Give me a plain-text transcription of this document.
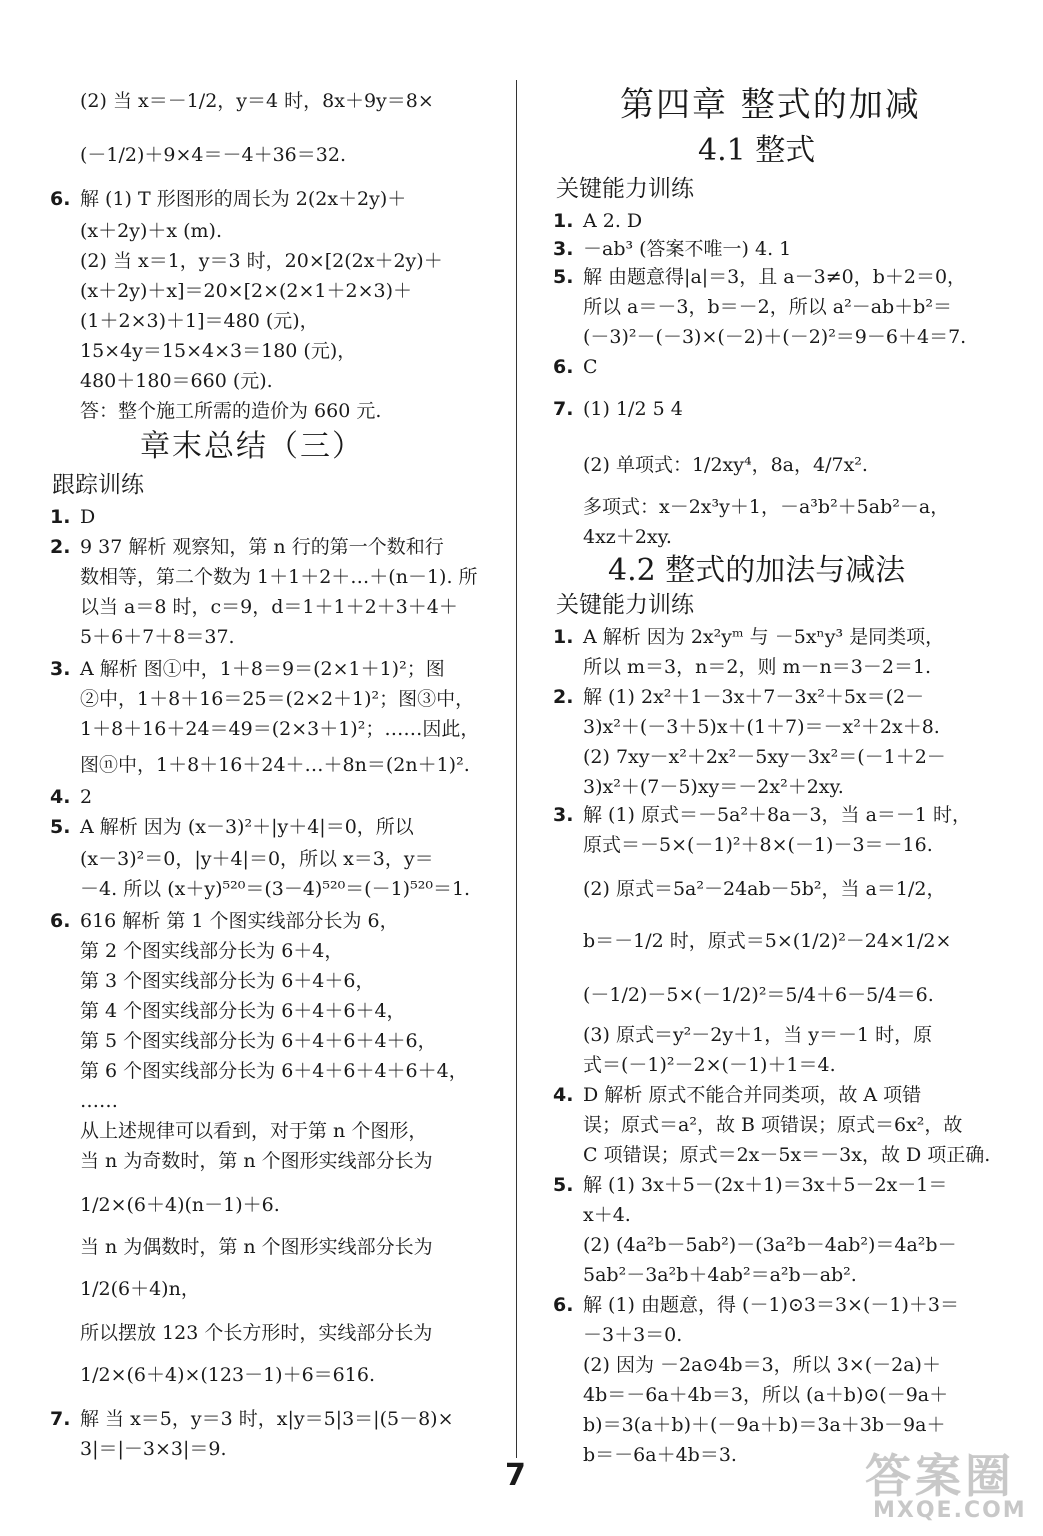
(2) 当 x＝－1/2，y＝4 时，8x＋9y＝8×
(－1/2)＋9×4＝－4＋36＝32.
6. 解 (1) T 形图形的周长为 2(2x＋2y)＋
(x＋2y)＋x (m).
(2) 当 x＝1，y＝3 时，20×[2(2x＋2y)＋
(x＋2y)＋x]＝20×[2×(2×1＋2×3)＋
(1＋2×3)＋1]＝480 (元)，
15×4y＝15×4×3＝180 (元)，
480＋180＝660 (元).
答：整个施工所需的造价为 660 元.
章末总结（三）
跟踪训练
1. D
2. 9 37 解析 观察知，第 n 行的第一个数和行
数相等，第二个数为 1＋1＋2＋…＋(n－1). 所
以当 a＝8 时，c＝9，d＝1＋1＋2＋3＋4＋
5＋6＋7＋8＝37.
3. A 解析 图①中，1＋8＝9＝(2×1＋1)²；图
②中，1＋8＋16＝25＝(2×2＋1)²；图③中，
1＋8＋16＋24＝49＝(2×3＋1)²；……因此，
图ⓝ中，1＋8＋16＋24＋…＋8n＝(2n＋1)².
4. 2
5. A 解析 因为 (x－3)²＋|y＋4|＝0，所以
(x－3)²＝0，|y＋4|＝0，所以 x＝3，y＝
－4. 所以 (x＋y)⁵²⁰＝(3－4)⁵²⁰＝(－1)⁵²⁰＝1.
6. 616 解析 第 1 个图实线部分长为 6，
第 2 个图实线部分长为 6＋4，
第 3 个图实线部分长为 6＋4＋6，
第 4 个图实线部分长为 6＋4＋6＋4，
第 5 个图实线部分长为 6＋4＋6＋4＋6，
第 6 个图实线部分长为 6＋4＋6＋4＋6＋4，
……
从上述规律可以看到，对于第 n 个图形，
当 n 为奇数时，第 n 个图形实线部分长为
1/2×(6＋4)(n－1)＋6.
当 n 为偶数时，第 n 个图形实线部分长为
1/2(6＋4)n，
所以摆放 123 个长方形时，实线部分长为
1/2×(6＋4)×(123－1)＋6＝616.
7. 解 当 x＝5，y＝3 时，x|y＝5|3＝|(5－8)×
3|＝|－3×3|＝9.
第四章 整式的加减
4.1 整式
关键能力训练
1. A 2. D
3. －ab³ (答案不唯一) 4. 1
5. 解 由题意得|a|＝3，且 a－3≠0，b＋2＝0，
所以 a＝－3，b＝－2，所以 a²－ab＋b²＝
(－3)²－(－3)×(－2)＋(－2)²＝9－6＋4＝7.
6. C
7. (1) 1/2 5 4
(2) 单项式：1/2xy⁴，8a，4/7x².
多项式：x－2x³y＋1，－a³b²＋5ab²－a，
4xz＋2xy.
4.2 整式的加法与减法
关键能力训练
1. A 解析 因为 2x²yᵐ 与 －5xⁿy³ 是同类项，
所以 m＝3，n＝2，则 m－n＝3－2＝1.
2. 解 (1) 2x²＋1－3x＋7－3x²＋5x＝(2－
3)x²＋(－3＋5)x＋(1＋7)＝－x²＋2x＋8.
(2) 7xy－x²＋2x²－5xy－3x²＝(－1＋2－
3)x²＋(7－5)xy＝－2x²＋2xy.
3. 解 (1) 原式＝－5a²＋8a－3，当 a＝－1 时，
原式＝－5×(－1)²＋8×(－1)－3＝－16.
(2) 原式＝5a²－24ab－5b²，当 a＝1/2，
b＝－1/2 时，原式＝5×(1/2)²－24×1/2×
(－1/2)－5×(－1/2)²＝5/4＋6－5/4＝6.
(3) 原式＝y²－2y＋1，当 y＝－1 时，原
式＝(－1)²－2×(－1)＋1＝4.
4. D 解析 原式不能合并同类项，故 A 项错
误；原式＝a²，故 B 项错误；原式＝6x²，故
C 项错误；原式＝2x－5x＝－3x，故 D 项正确.
5. 解 (1) 3x＋5－(2x＋1)＝3x＋5－2x－1＝
x＋4.
(2) (4a²b－5ab²)－(3a²b－4ab²)＝4a²b－
5ab²－3a²b＋4ab²＝a²b－ab².
6. 解 (1) 由题意，得 (－1)⊙3＝3×(－1)＋3＝
－3＋3＝0.
(2) 因为 －2a⊙4b＝3，所以 3×(－2a)＋
4b＝－6a＋4b＝3，所以 (a＋b)⊙(－9a＋
b)＝3(a＋b)＋(－9a＋b)＝3a＋3b－9a＋
b＝－6a＋4b＝3.
7	答案圈
MXQE.COM
